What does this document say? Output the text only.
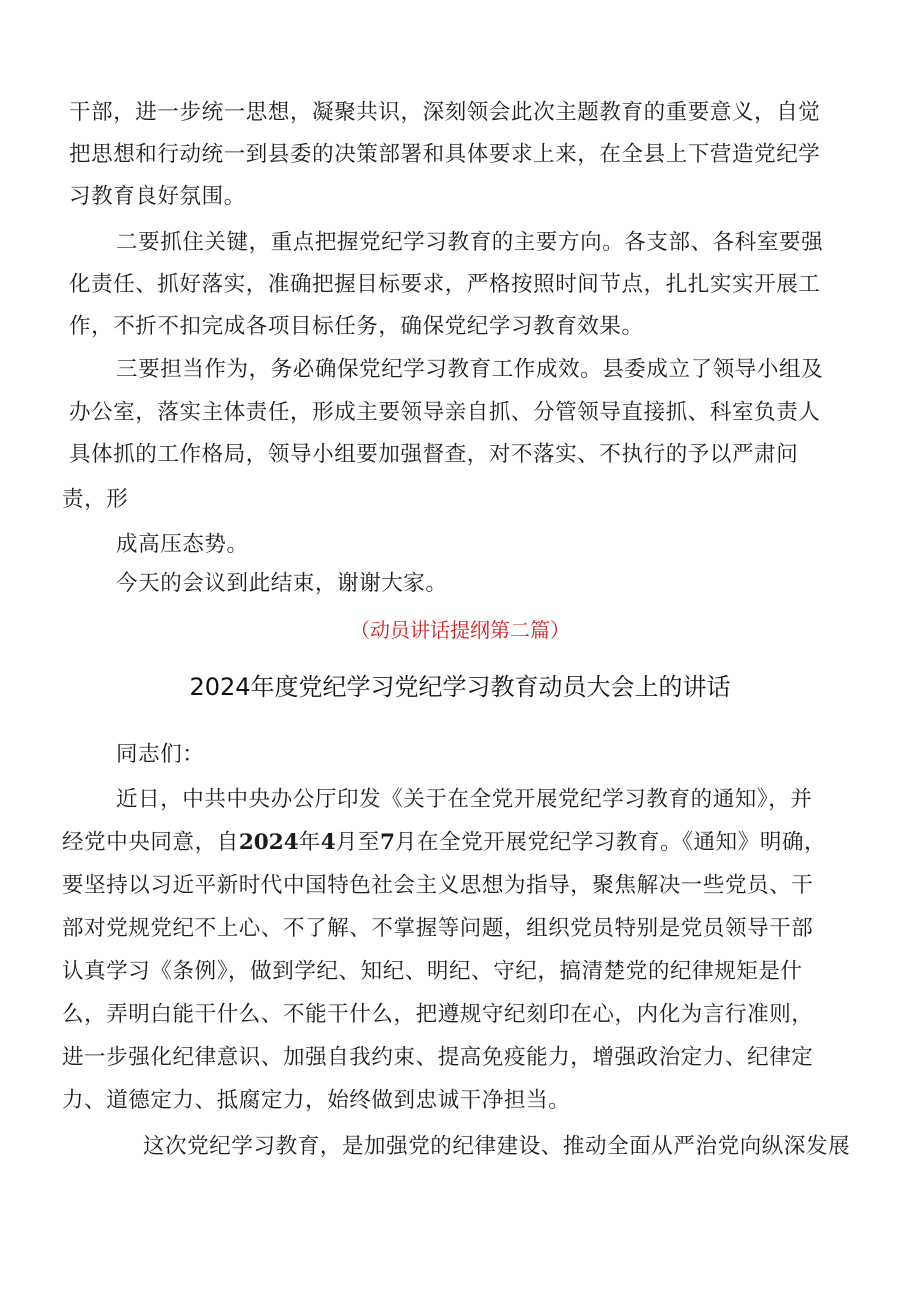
干部，进一步统一思想，凝聚共识，深刻领会此次主题教育的重要意义，自觉
把思想和行动统一到县委的决策部署和具体要求上来，在全县上下营造党纪学
习教育良好氛围。
二要抓住关键，重点把握党纪学习教育的主要方向。各支部、各科室要强
化责任、抓好落实，准确把握目标要求，严格按照时间节点，扎扎实实开展工
作，不折不扣完成各项目标任务，确保党纪学习教育效果。
三要担当作为，务必确保党纪学习教育工作成效。县委成立了领导小组及
办公室，落实主体责任，形成主要领导亲自抓、分管领导直接抓、科室负责人
具体抓的工作格局，领导小组要加强督查，对不落实、不执行的予以严肃问
责，形
成高压态势。
今天的会议到此结束，谢谢大家。
（动员讲话提纲第二篇）
2024年度党纪学习党纪学习教育动员大会上的讲话
同志们：
近日，中共中央办公厅印发《关于在全党开展党纪学习教育的通知》，并
经党中央同意，自2024年4月至7月在全党开展党纪学习教育。《通知》明确，
要坚持以习近平新时代中国特色社会主义思想为指导，聚焦解决一些党员、干
部对党规党纪不上心、不了解、不掌握等问题，组织党员特别是党员领导干部
认真学习《条例》，做到学纪、知纪、明纪、守纪，搞清楚党的纪律规矩是什
么，弄明白能干什么、不能干什么，把遵规守纪刻印在心，内化为言行准则，
进一步强化纪律意识、加强自我约束、提高免疫能力，增强政治定力、纪律定
力、道德定力、抵腐定力，始终做到忠诚干净担当。
这次党纪学习教育，是加强党的纪律建设、推动全面从严治党向纵深发展
